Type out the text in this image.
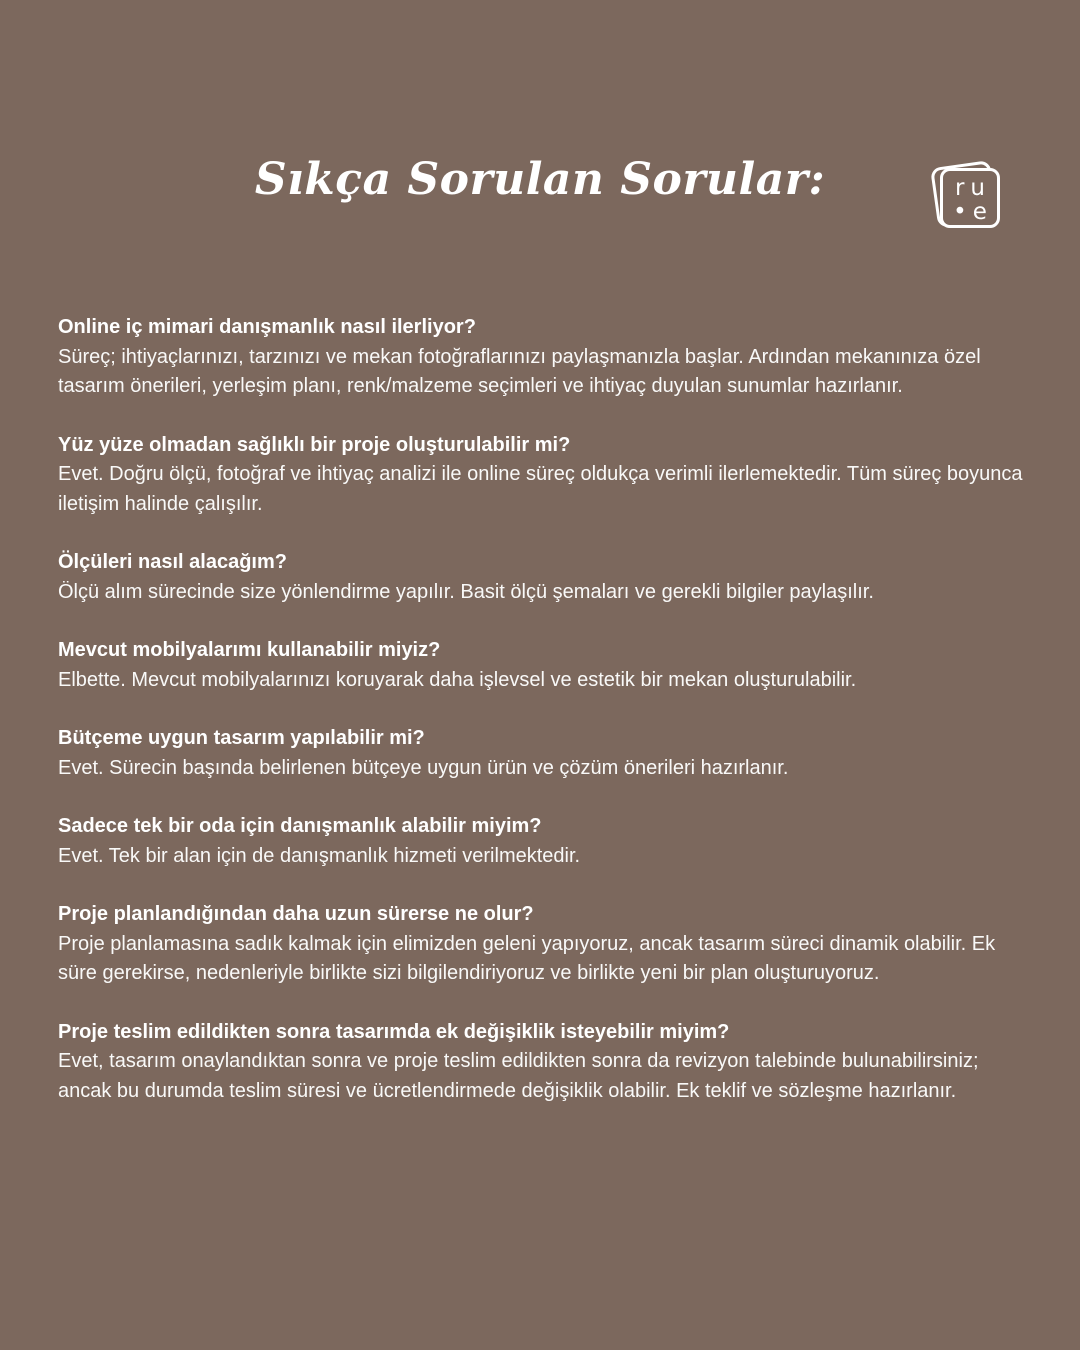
Sıkça Sorulan Sorular:	ru
•e

Online iç mimari danışmanlık nasıl ilerliyor?

Süreç; ihtiyaçlarınızı, tarzınızı ve mekan fotoğraflarınızı paylaşmanızla başlar. Ardından mekanınıza özel tasarım önerileri, yerleşim planı, renk/malzeme seçimleri ve ihtiyaç duyulan sunumlar hazırlanır.

Yüz yüze olmadan sağlıklı bir proje oluşturulabilir mi?

Evet. Doğru ölçü, fotoğraf ve ihtiyaç analizi ile online süreç oldukça verimli ilerlemektedir. Tüm süreç boyunca iletişim halinde çalışılır.

Ölçüleri nasıl alacağım?

Ölçü alım sürecinde size yönlendirme yapılır. Basit ölçü şemaları ve gerekli bilgiler paylaşılır.

Mevcut mobilyalarımı kullanabilir miyiz?

Elbette. Mevcut mobilyalarınızı koruyarak daha işlevsel ve estetik bir mekan oluşturulabilir.

Bütçeme uygun tasarım yapılabilir mi?

Evet. Sürecin başında belirlenen bütçeye uygun ürün ve çözüm önerileri hazırlanır.

Sadece tek bir oda için danışmanlık alabilir miyim?

Evet. Tek bir alan için de danışmanlık hizmeti verilmektedir.

Proje planlandığından daha uzun sürerse ne olur?

Proje planlamasına sadık kalmak için elimizden geleni yapıyoruz, ancak tasarım süreci dinamik olabilir. Ek süre gerekirse, nedenleriyle birlikte sizi bilgilendiriyoruz ve birlikte yeni bir plan oluşturuyoruz.

Proje teslim edildikten sonra tasarımda ek değişiklik isteyebilir miyim?

Evet, tasarım onaylandıktan sonra ve proje teslim edildikten sonra da revizyon talebinde bulunabilirsiniz; ancak bu durumda teslim süresi ve ücretlendirmede değişiklik olabilir. Ek teklif ve sözleşme hazırlanır.
